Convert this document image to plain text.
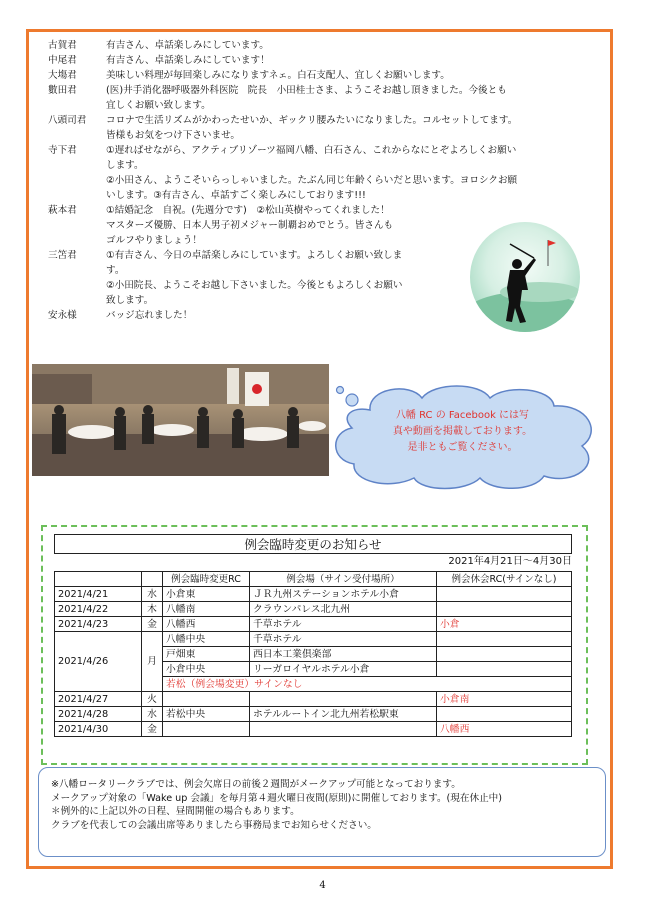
古賀君	有吉さん、卓話楽しみにしています。
中尾君	有吉さん、卓話楽しみにしています！
大塲君	美味しい料理が毎回楽しみになりますネェ。白石支配人、宜しくお願いします。
數田君	(医)井手消化器呼吸器外科医院　院長　小田桂士さま、ようこそお越し頂きました。今後とも
宜しくお願い致します。
八頭司君	コロナで生活リズムがかわったせいか、ギックリ腰みたいになりました。コルセットしてます。
皆様もお気をつけ下さいませ。
寺下君	①遅ればせながら、アクティブリゾーツ福岡八幡、白石さん、これからなにとぞよろしくお願い
します。
②小田さん、ようこそいらっしゃいました。たぶん同じ年齢くらいだと思います。ヨロシクお願
いします。③有吉さん、卓話すごく楽しみにしております!!!
萩本君	①結婚記念　自祝。(先週分です)　②松山英樹やってくれました！
マスターズ優勝、日本人男子初メジャー制覇おめでとう。皆さんも
ゴルフやりましょう！
三笘君	①有吉さん、今日の卓話楽しみにしています。よろしくお願い致しま
す。
②小田院長、ようこそお越し下さいました。今後ともよろしくお願い
致します。
安永様	バッジ忘れました！
八幡 RC の Facebook には写
真や動画を掲載しております。
是非ともご覧ください。
例会臨時変更のお知らせ
2021年4月21日～4月30日
		例会臨時変更RC	例会場（サイン受付場所）	例会休会RC(サインなし)
2021/4/21	水	小倉東	ＪＲ九州ステーションホテル小倉	
2021/4/22	木	八幡南	クラウンパレス北九州	
2021/4/23	金	八幡西	千草ホテル	小倉
2021/4/26	月	八幡中央	千草ホテル	
		戸畑東	西日本工業倶楽部	
		小倉中央	リーガロイヤルホテル小倉	
		若松（例会場変更）サインなし		
2021/4/27	火			小倉南
2021/4/28	水	若松中央	ホテルルートイン北九州若松駅東	
2021/4/30	金			八幡西
※八幡ロータリークラブでは、例会欠席日の前後２週間がメークアップ可能となっております。
メークアップ対象の「Wake up 会議」を毎月第４週火曜日夜間(原則)に開催しております。(現在休止中)
＊例外的に上記以外の日程、昼間開催の場合もあります。
クラブを代表しての会議出席等ありましたら事務局までお知らせください。
4
